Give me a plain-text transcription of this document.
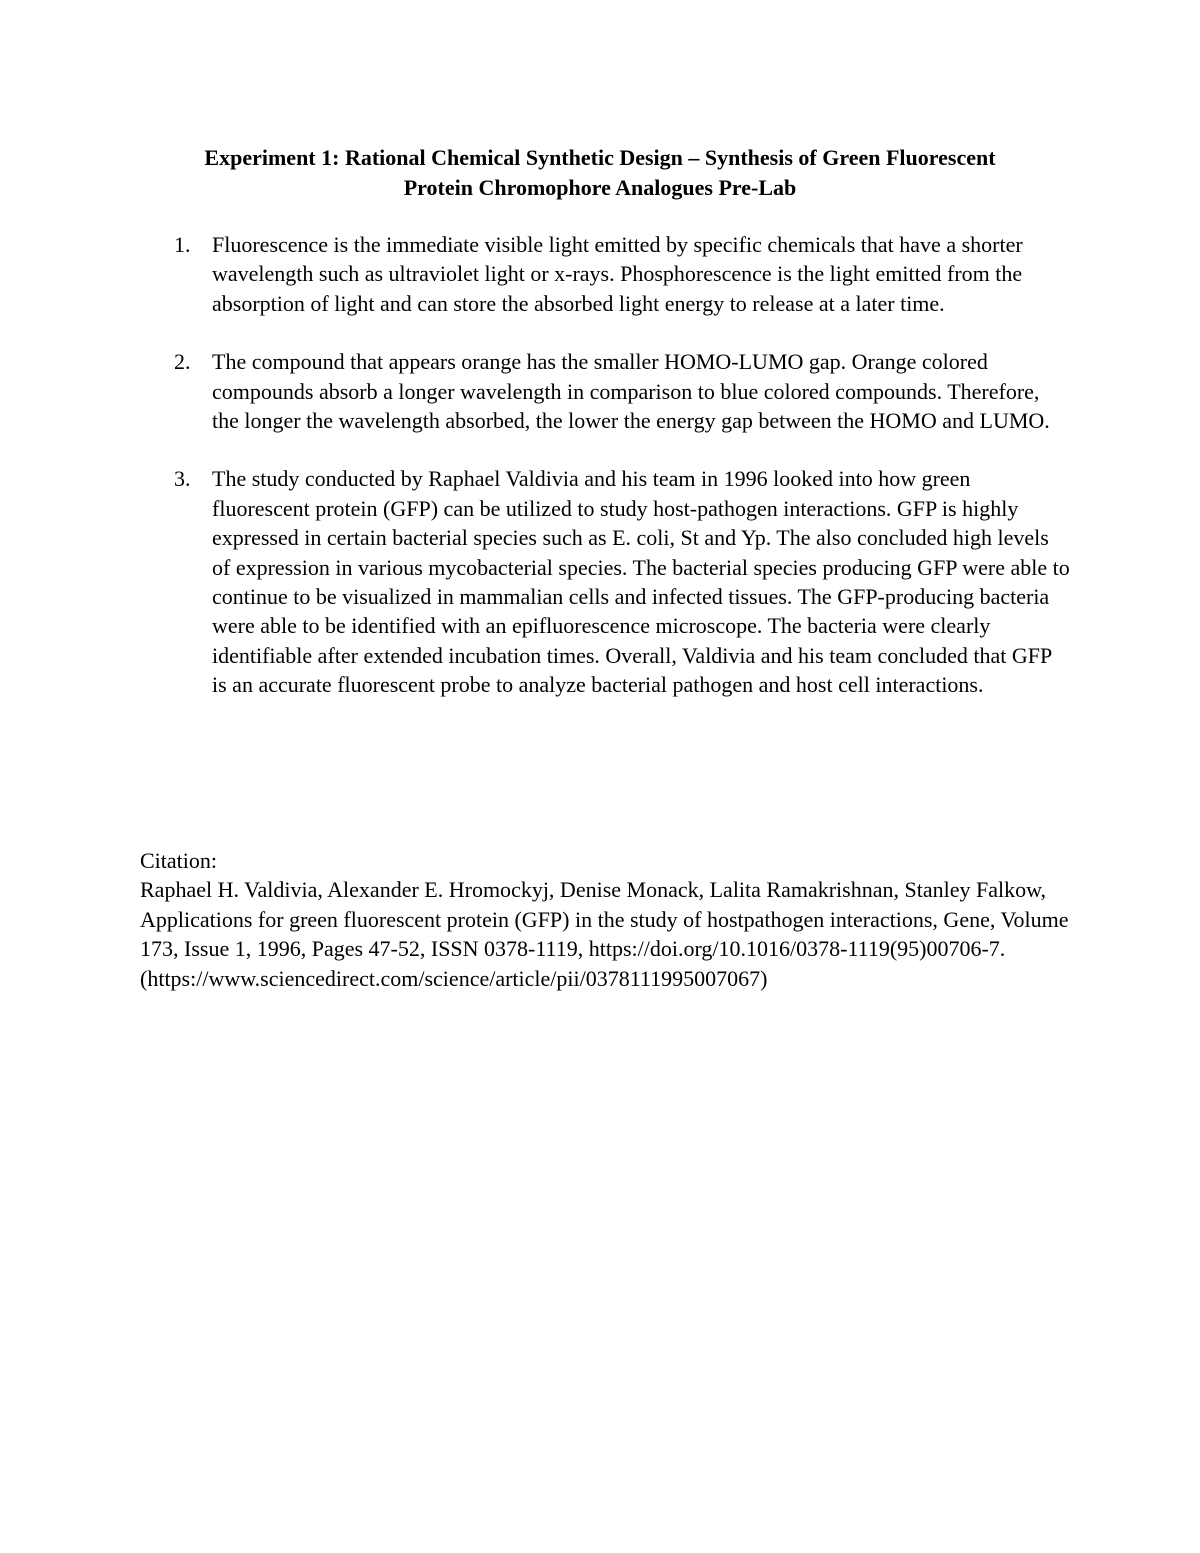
Experiment 1: Rational Chemical Synthetic Design – Synthesis of Green Fluorescent
Protein Chromophore Analogues Pre-Lab
1. Fluorescence is the immediate visible light emitted by specific chemicals that have a shorter wavelength such as ultraviolet light or x-rays. Phosphorescence is the light emitted from the absorption of light and can store the absorbed light energy to release at a later time.
2. The compound that appears orange has the smaller HOMO-LUMO gap. Orange colored compounds absorb a longer wavelength in comparison to blue colored compounds. Therefore, the longer the wavelength absorbed, the lower the energy gap between the HOMO and LUMO.
3. The study conducted by Raphael Valdivia and his team in 1996 looked into how green fluorescent protein (GFP) can be utilized to study host-pathogen interactions. GFP is highly expressed in certain bacterial species such as E. coli, St and Yp. The also concluded high levels of expression in various mycobacterial species. The bacterial species producing GFP were able to continue to be visualized in mammalian cells and infected tissues. The GFP-producing bacteria were able to be identified with an epifluorescence microscope. The bacteria were clearly identifiable after extended incubation times. Overall, Valdivia and his team concluded that GFP is an accurate fluorescent probe to analyze bacterial pathogen and host cell interactions.
Citation:
Raphael H. Valdivia, Alexander E. Hromockyj, Denise Monack, Lalita Ramakrishnan, Stanley Falkow, Applications for green fluorescent protein (GFP) in the study of hostpathogen interactions, Gene, Volume 173, Issue 1, 1996, Pages 47-52, ISSN 0378-1119, https://doi.org/10.1016/0378-1119(95)00706-7.
(https://www.sciencedirect.com/science/article/pii/0378111995007067)
